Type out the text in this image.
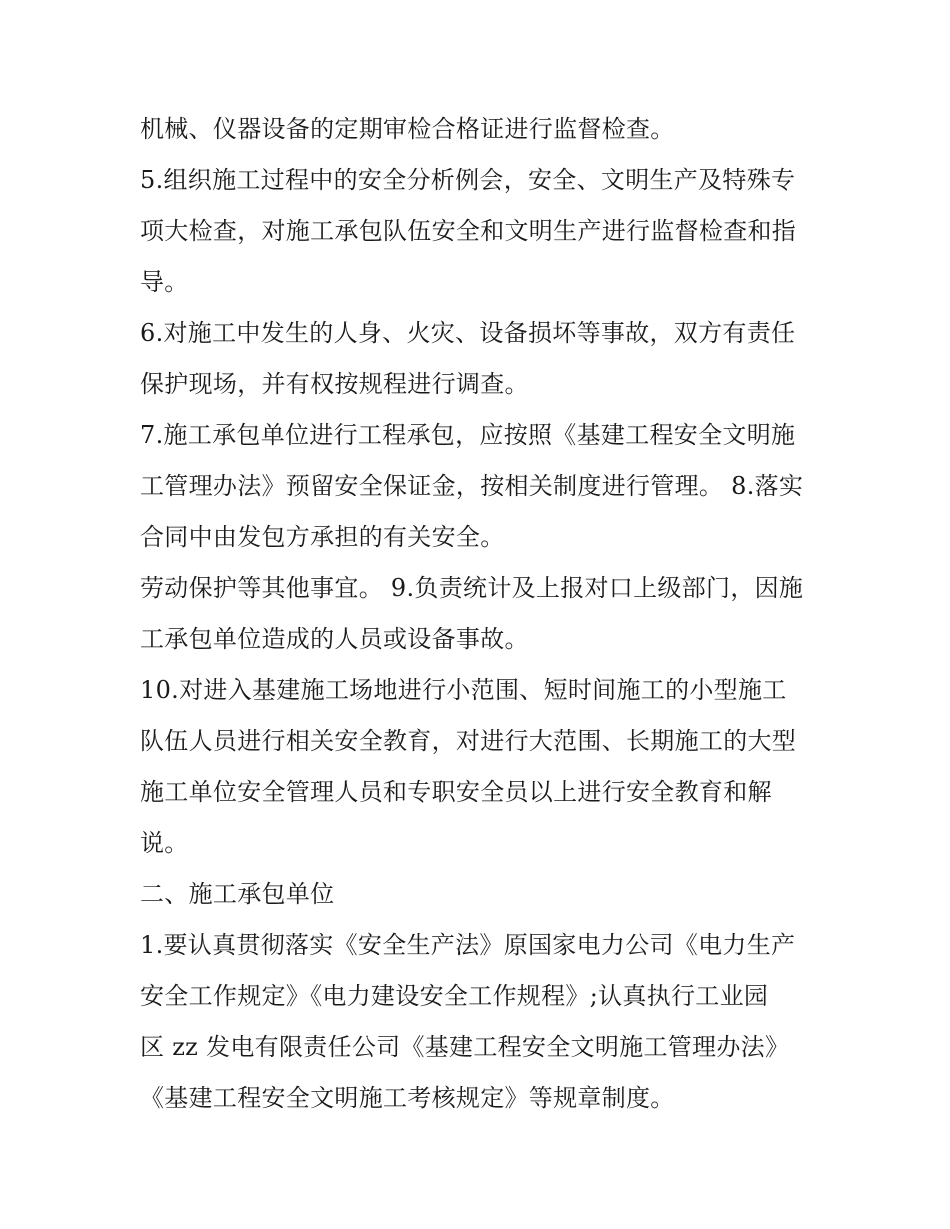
机械、仪器设备的定期审检合格证进行监督检查。
5.组织施工过程中的安全分析例会，安全、文明生产及特殊专
项大检查，对施工承包队伍安全和文明生产进行监督检查和指
导。
6.对施工中发生的人身、火灾、设备损坏等事故，双方有责任
保护现场，并有权按规程进行调查。
7.施工承包单位进行工程承包，应按照《基建工程安全文明施
工管理办法》预留安全保证金，按相关制度进行管理。 8.落实
合同中由发包方承担的有关安全。
劳动保护等其他事宜。 9.负责统计及上报对口上级部门，因施
工承包单位造成的人员或设备事故。
10.对进入基建施工场地进行小范围、短时间施工的小型施工
队伍人员进行相关安全教育，对进行大范围、长期施工的大型
施工单位安全管理人员和专职安全员以上进行安全教育和解
说。
二、施工承包单位
1.要认真贯彻落实《安全生产法》原国家电力公司《电力生产
安全工作规定》《电力建设安全工作规程》;认真执行工业园
区 zz 发电有限责任公司《基建工程安全文明施工管理办法》
《基建工程安全文明施工考核规定》等规章制度。
